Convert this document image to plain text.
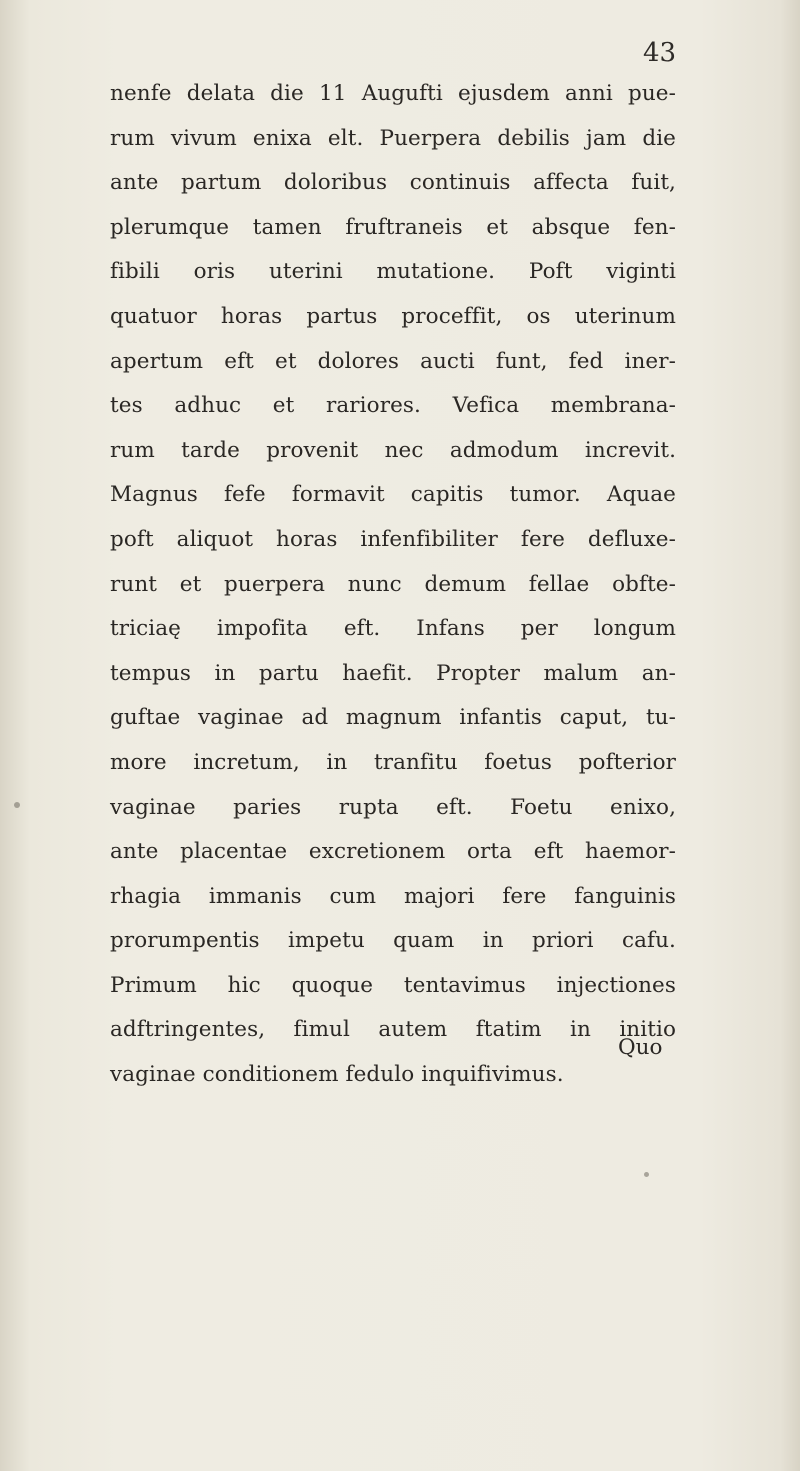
43
nenfe delata die 11 Augufti ejusdem anni pue-
rum vivum enixa elt. Puerpera debilis jam die
ante partum doloribus continuis affecta fuit,
plerumque tamen fruftraneis et absque fen-
fibili oris uterini mutatione. Poft viginti
quatuor horas partus proceffit, os uterinum
apertum eft et dolores aucti funt, fed iner-
tes adhuc et rariores. Vefica membrana-
rum tarde provenit nec admodum increvit.
Magnus fefe formavit capitis tumor. Aquae
poft aliquot horas infenfibiliter fere defluxe-
runt et puerpera nunc demum fellae obfte-
triciaę impofita eft. Infans per longum
tempus in partu haefit. Propter malum an-
guftae vaginae ad magnum infantis caput, tu-
more incretum, in tranfitu foetus pofterior
vaginae paries rupta eft. Foetu enixo,
ante placentae excretionem orta eft haemor-
rhagia immanis cum majori fere fanguinis
prorumpentis impetu quam in priori cafu.
Primum hic quoque tentavimus injectiones
adftringentes, fimul autem ftatim in initio
vaginae conditionem fedulo inquifivimus.
Quo
